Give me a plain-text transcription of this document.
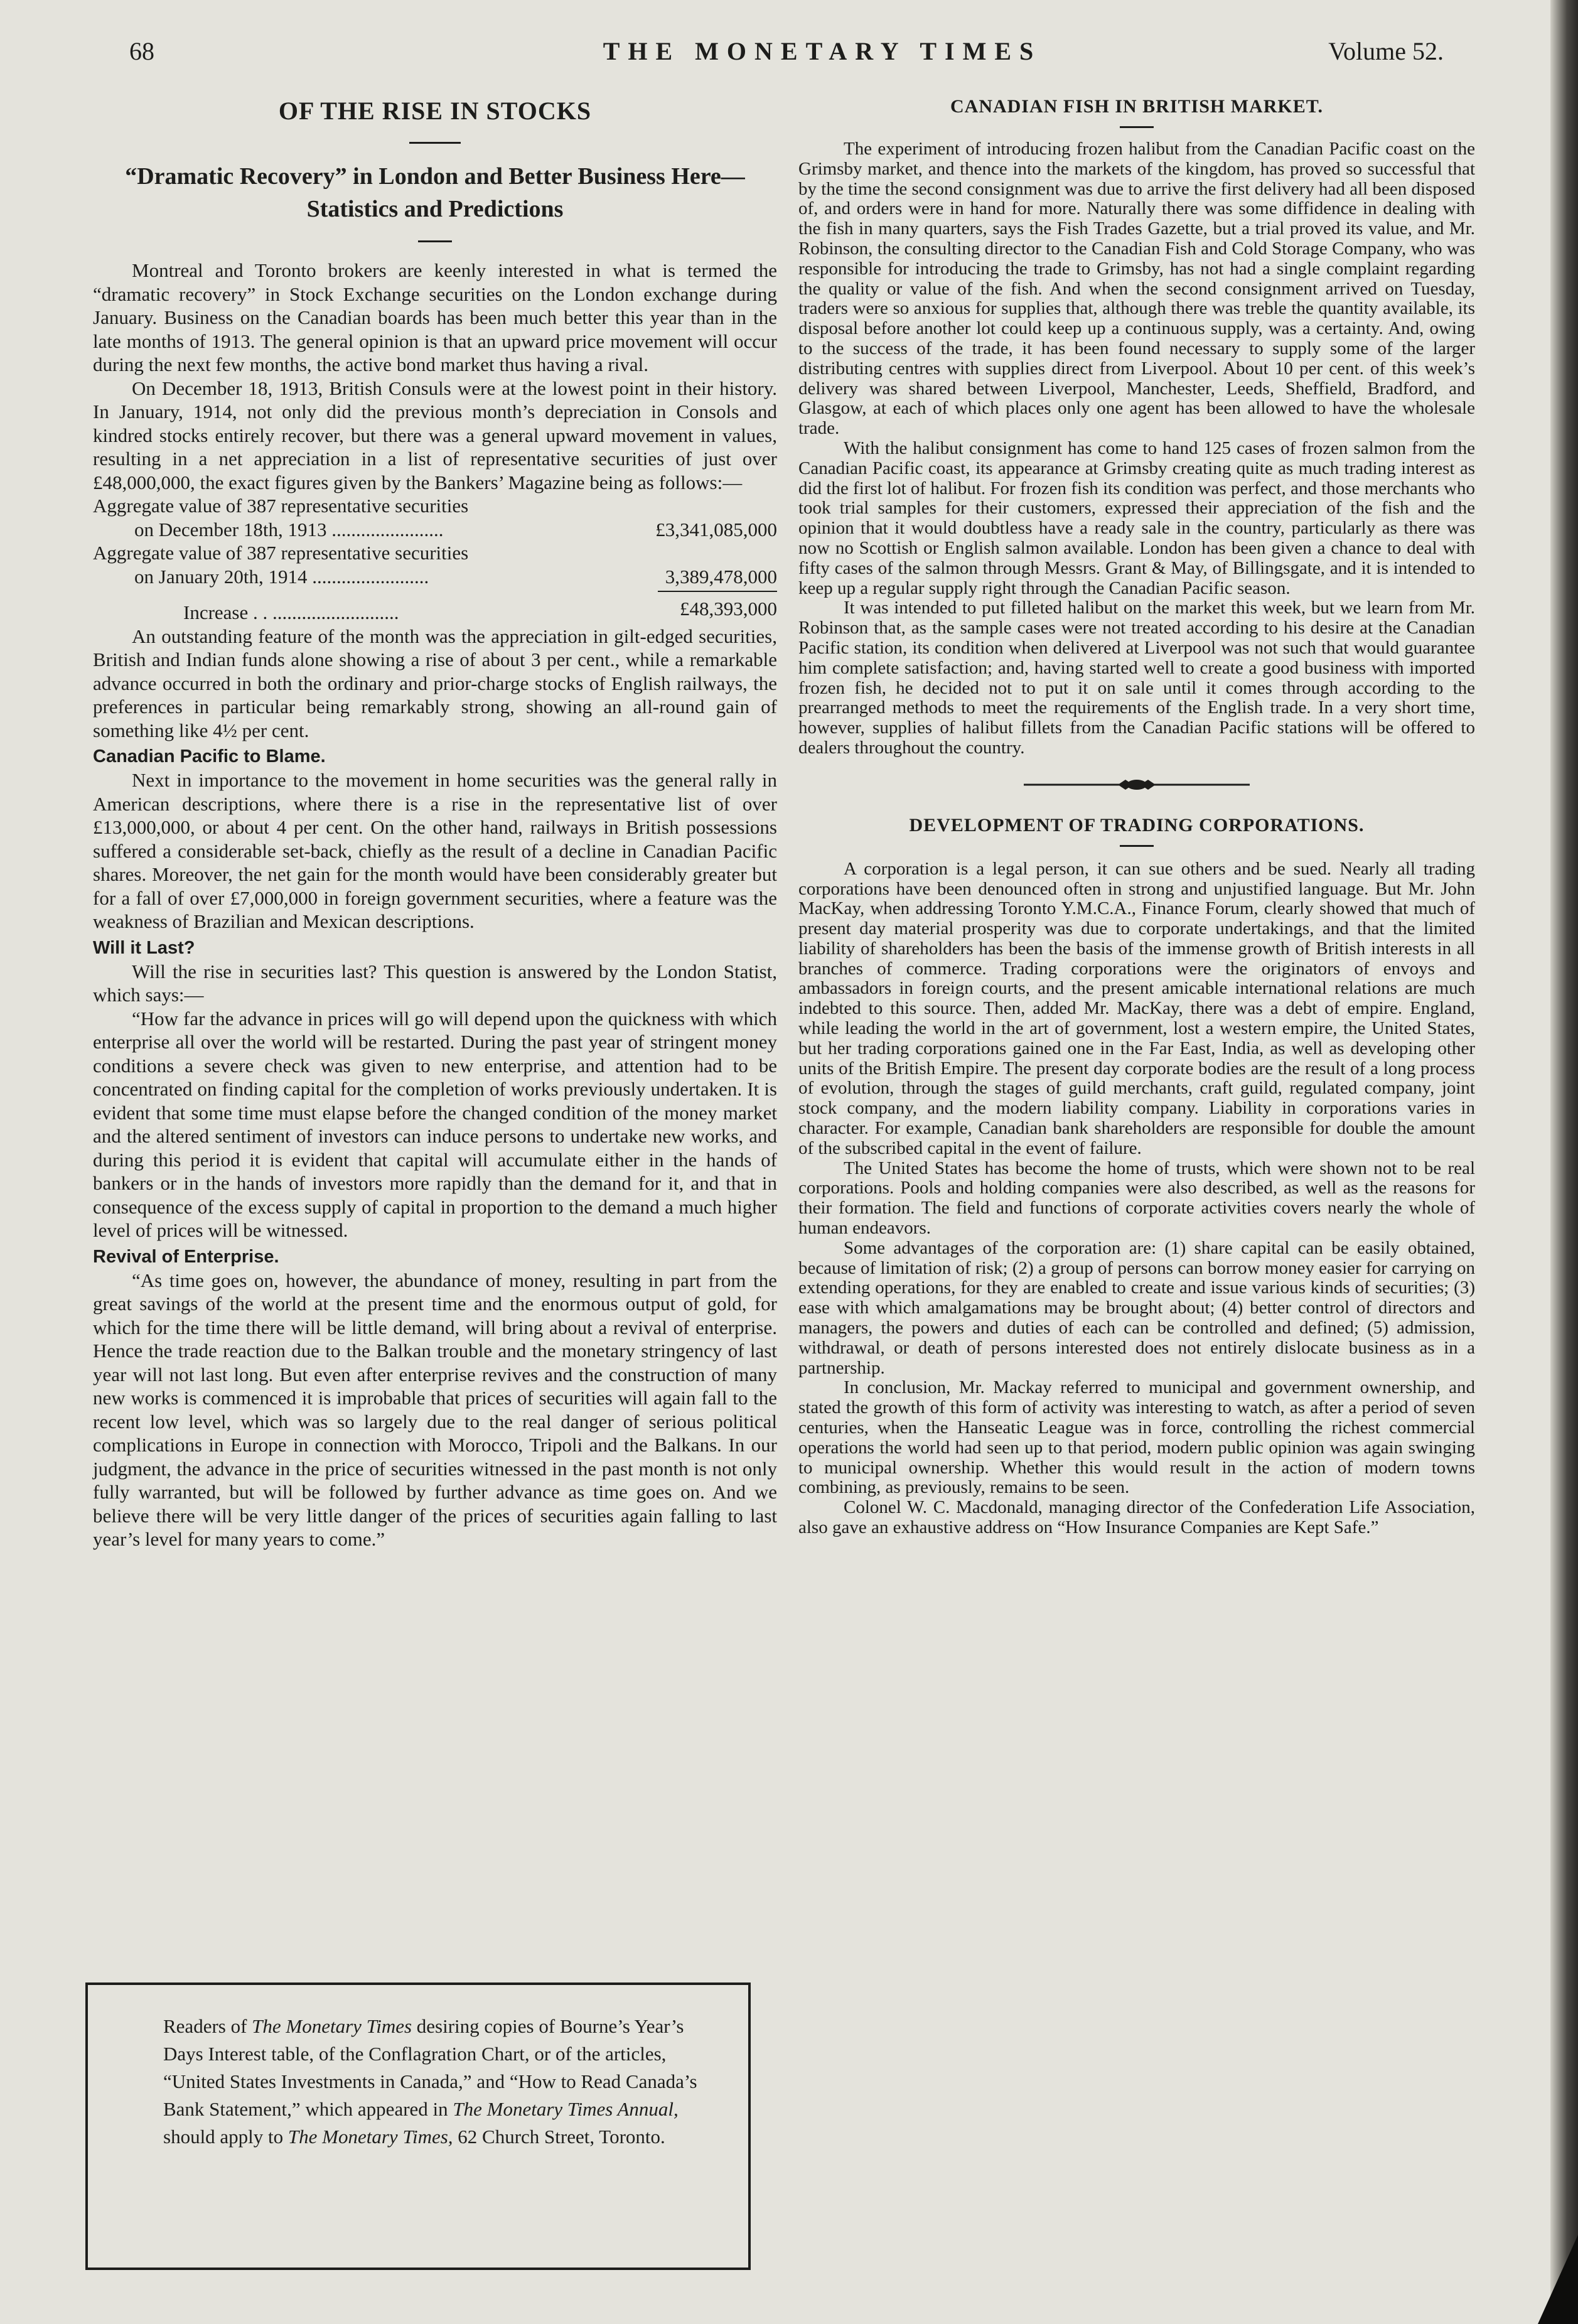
68	THE MONETARY TIMES	Volume 52.
OF THE RISE IN STOCKS
“Dramatic Recovery” in London and Better Business Here—Statistics and Predictions

Montreal and Toronto brokers are keenly interested in what is termed the “dramatic recovery” in Stock Exchange securities on the London exchange during January. Business on the Canadian boards has been much better this year than in the late months of 1913. The general opinion is that an upward price movement will occur during the next few months, the active bond market thus having a rival.

On December 18, 1913, British Consuls were at the lowest point in their history. In January, 1914, not only did the previous month’s depreciation in Consols and kindred stocks entirely recover, but there was a general upward movement in values, resulting in a net appreciation in a list of representative securities of just over £48,000,000, the exact figures given by the Bankers’ Magazine being as follows:—

Aggregate value of 387 representative securities
on December 18th, 1913 .......................	£3,341,085,000
Aggregate value of 387 representative securities
on January 20th, 1914 ........................	3,389,478,000
Increase . . ..........................	£48,393,000

An outstanding feature of the month was the appreciation in gilt-edged securities, British and Indian funds alone showing a rise of about 3 per cent., while a remarkable advance occurred in both the ordinary and prior-charge stocks of English railways, the preferences in particular being remarkably strong, showing an all-round gain of something like 4½ per cent.

Canadian Pacific to Blame.

Next in importance to the movement in home securities was the general rally in American descriptions, where there is a rise in the representative list of over £13,000,000, or about 4 per cent. On the other hand, railways in British possessions suffered a considerable set-back, chiefly as the result of a decline in Canadian Pacific shares. Moreover, the net gain for the month would have been considerably greater but for a fall of over £7,000,000 in foreign government securities, where a feature was the weakness of Brazilian and Mexican descriptions.

Will it Last?

Will the rise in securities last? This question is answered by the London Statist, which says:—

“How far the advance in prices will go will depend upon the quickness with which enterprise all over the world will be restarted. During the past year of stringent money conditions a severe check was given to new enterprise, and attention had to be concentrated on finding capital for the completion of works previously undertaken. It is evident that some time must elapse before the changed condition of the money market and the altered sentiment of investors can induce persons to undertake new works, and during this period it is evident that capital will accumulate either in the hands of bankers or in the hands of investors more rapidly than the demand for it, and that in consequence of the excess supply of capital in proportion to the demand a much higher level of prices will be witnessed.

Revival of Enterprise.

“As time goes on, however, the abundance of money, resulting in part from the great savings of the world at the present time and the enormous output of gold, for which for the time there will be little demand, will bring about a revival of enterprise. Hence the trade reaction due to the Balkan trouble and the monetary stringency of last year will not last long. But even after enterprise revives and the construction of many new works is commenced it is improbable that prices of securities will again fall to the recent low level, which was so largely due to the real danger of serious political complications in Europe in connection with Morocco, Tripoli and the Balkans. In our judgment, the advance in the price of securities witnessed in the past month is not only fully warranted, but will be followed by further advance as time goes on. And we believe there will be very little danger of the prices of securities again falling to last year’s level for many years to come.”

Readers of The Monetary Times desiring copies of Bourne’s Year’s Days Interest table, of the Conflagration Chart, or of the articles, “United States Investments in Canada,” and “How to Read Canada’s Bank Statement,” which appeared in The Monetary Times Annual, should apply to The Monetary Times, 62 Church Street, Toronto.
CANADIAN FISH IN BRITISH MARKET.

The experiment of introducing frozen halibut from the Canadian Pacific coast on the Grimsby market, and thence into the markets of the kingdom, has proved so successful that by the time the second consignment was due to arrive the first delivery had all been disposed of, and orders were in hand for more. Naturally there was some diffidence in dealing with the fish in many quarters, says the Fish Trades Gazette, but a trial proved its value, and Mr. Robinson, the consulting director to the Canadian Fish and Cold Storage Company, who was responsible for introducing the trade to Grimsby, has not had a single complaint regarding the quality or value of the fish. And when the second consignment arrived on Tuesday, traders were so anxious for supplies that, although there was treble the quantity available, its disposal before another lot could keep up a continuous supply, was a certainty. And, owing to the success of the trade, it has been found necessary to supply some of the larger distributing centres with supplies direct from Liverpool. About 10 per cent. of this week’s delivery was shared between Liverpool, Manchester, Leeds, Sheffield, Bradford, and Glasgow, at each of which places only one agent has been allowed to have the wholesale trade.

With the halibut consignment has come to hand 125 cases of frozen salmon from the Canadian Pacific coast, its appearance at Grimsby creating quite as much trading interest as did the first lot of halibut. For frozen fish its condition was perfect, and those merchants who took trial samples for their customers, expressed their appreciation of the fish and the opinion that it would doubtless have a ready sale in the country, particularly as there was now no Scottish or English salmon available. London has been given a chance to deal with fifty cases of the salmon through Messrs. Grant & May, of Billingsgate, and it is intended to keep up a regular supply right through the Canadian Pacific season.

It was intended to put filleted halibut on the market this week, but we learn from Mr. Robinson that, as the sample cases were not treated according to his desire at the Canadian Pacific station, its condition when delivered at Liverpool was not such that would guarantee him complete satisfaction; and, having started well to create a good business with imported frozen fish, he decided not to put it on sale until it comes through according to the prearranged methods to meet the requirements of the English trade. In a very short time, however, supplies of halibut fillets from the Canadian Pacific stations will be offered to dealers throughout the country.

DEVELOPMENT OF TRADING CORPORATIONS.

A corporation is a legal person, it can sue others and be sued. Nearly all trading corporations have been denounced often in strong and unjustified language. But Mr. John MacKay, when addressing Toronto Y.M.C.A., Finance Forum, clearly showed that much of present day material prosperity was due to corporate undertakings, and that the limited liability of shareholders has been the basis of the immense growth of British interests in all branches of commerce. Trading corporations were the originators of envoys and ambassadors in foreign courts, and the present amicable international relations are much indebted to this source. Then, added Mr. MacKay, there was a debt of empire. England, while leading the world in the art of government, lost a western empire, the United States, but her trading corporations gained one in the Far East, India, as well as developing other units of the British Empire. The present day corporate bodies are the result of a long process of evolution, through the stages of guild merchants, craft guild, regulated company, joint stock company, and the modern liability company. Liability in corporations varies in character. For example, Canadian bank shareholders are responsible for double the amount of the subscribed capital in the event of failure.

The United States has become the home of trusts, which were shown not to be real corporations. Pools and holding companies were also described, as well as the reasons for their formation. The field and functions of corporate activities covers nearly the whole of human endeavors.

Some advantages of the corporation are: (1) share capital can be easily obtained, because of limitation of risk; (2) a group of persons can borrow money easier for carrying on extending operations, for they are enabled to create and issue various kinds of securities; (3) ease with which amalgamations may be brought about; (4) better control of directors and managers, the powers and duties of each can be controlled and defined; (5) admission, withdrawal, or death of persons interested does not entirely dislocate business as in a partnership.

In conclusion, Mr. Mackay referred to municipal and government ownership, and stated the growth of this form of activity was interesting to watch, as after a period of seven centuries, when the Hanseatic League was in force, controlling the richest commercial operations the world had seen up to that period, modern public opinion was again swinging to municipal ownership. Whether this would result in the action of modern towns combining, as previously, remains to be seen.

Colonel W. C. Macdonald, managing director of the Confederation Life Association, also gave an exhaustive address on “How Insurance Companies are Kept Safe.”
